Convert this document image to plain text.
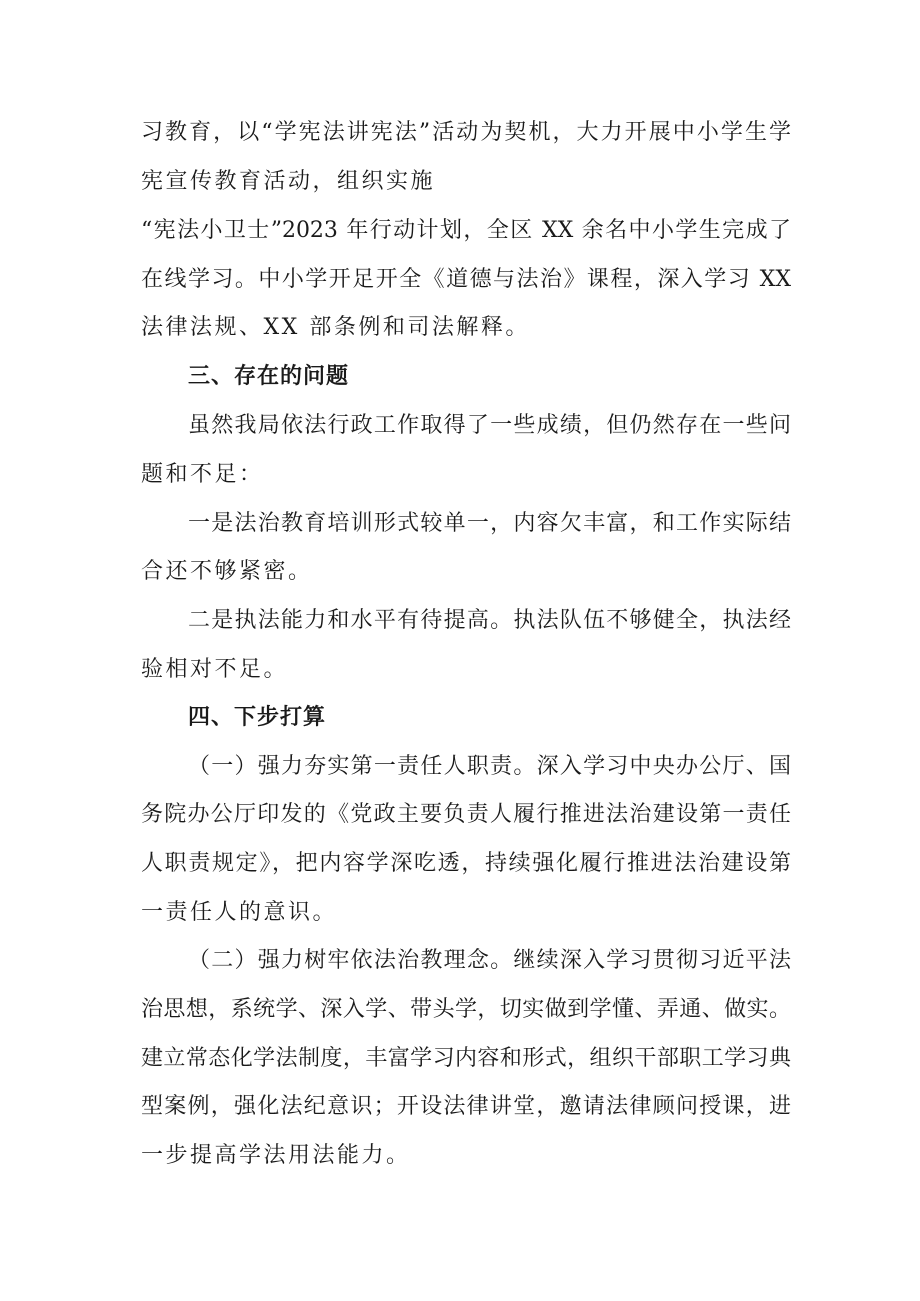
习教育，以“学宪法讲宪法”活动为契机，大力开展中小学生学
宪宣传教育活动，组织实施
“宪法小卫士”2023 年行动计划，全区 XX 余名中小学生完成了
在线学习。中小学开足开全《道德与法治》课程，深入学习 XX
法律法规、XX 部条例和司法解释。
三、存在的问题
虽然我局依法行政工作取得了一些成绩，但仍然存在一些问
题和不足：
一是法治教育培训形式较单一，内容欠丰富，和工作实际结
合还不够紧密。
二是执法能力和水平有待提高。执法队伍不够健全，执法经
验相对不足。
四、下步打算
（一）强力夯实第一责任人职责。深入学习中央办公厅、国
务院办公厅印发的《党政主要负责人履行推进法治建设第一责任
人职责规定》，把内容学深吃透，持续强化履行推进法治建设第
一责任人的意识。
（二）强力树牢依法治教理念。继续深入学习贯彻习近平法
治思想，系统学、深入学、带头学，切实做到学懂、弄通、做实。
建立常态化学法制度，丰富学习内容和形式，组织干部职工学习典
型案例，强化法纪意识；开设法律讲堂，邀请法律顾问授课，进
一步提高学法用法能力。
